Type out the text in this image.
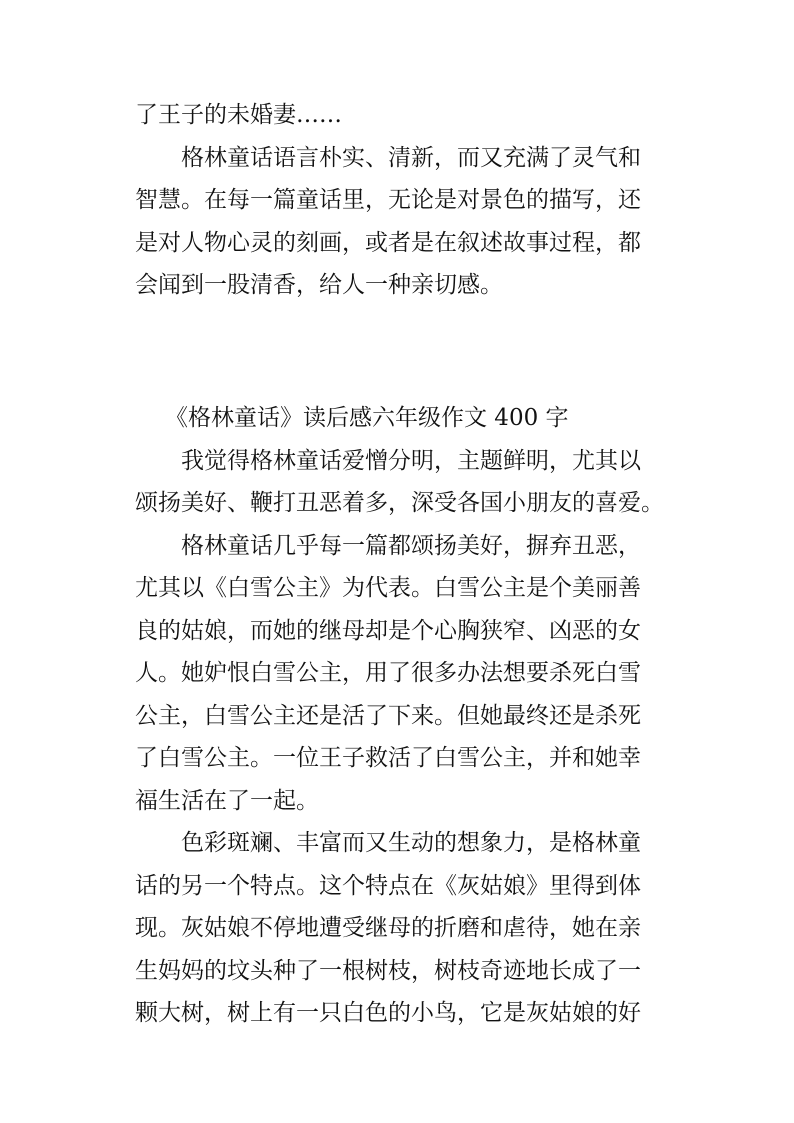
了王子的未婚妻……
格林童话语言朴实、清新，而又充满了灵气和
智慧。在每一篇童话里，无论是对景色的描写，还
是对人物心灵的刻画，或者是在叙述故事过程，都
会闻到一股清香，给人一种亲切感。
《格林童话》读后感六年级作文 400 字
我觉得格林童话爱憎分明，主题鲜明，尤其以
颂扬美好、鞭打丑恶着多，深受各国小朋友的喜爱。
格林童话几乎每一篇都颂扬美好，摒弃丑恶，
尤其以《白雪公主》为代表。白雪公主是个美丽善
良的姑娘，而她的继母却是个心胸狭窄、凶恶的女
人。她妒恨白雪公主，用了很多办法想要杀死白雪
公主，白雪公主还是活了下来。但她最终还是杀死
了白雪公主。一位王子救活了白雪公主，并和她幸
福生活在了一起。
色彩斑斓、丰富而又生动的想象力，是格林童
话的另一个特点。这个特点在《灰姑娘》里得到体
现。灰姑娘不停地遭受继母的折磨和虐待，她在亲
生妈妈的坟头种了一根树枝，树枝奇迹地长成了一
颗大树，树上有一只白色的小鸟，它是灰姑娘的好
